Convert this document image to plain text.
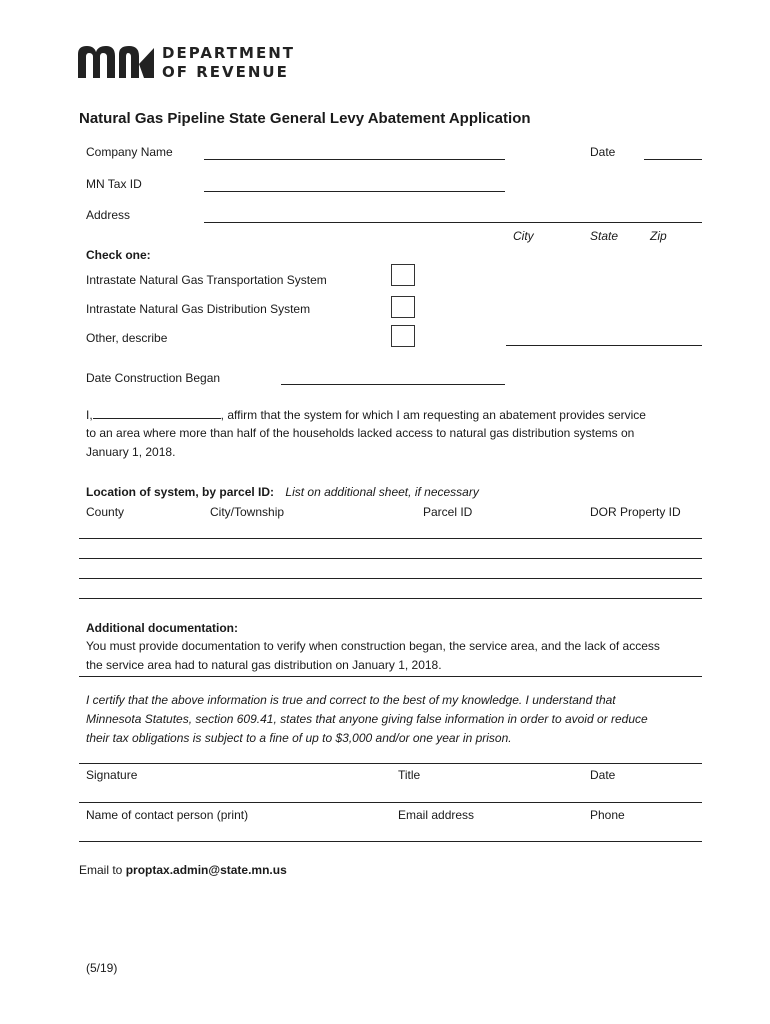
DEPARTMENT
OF REVENUE
Natural Gas Pipeline State General Levy Abatement Application
Company Name	Date
MN Tax ID
Address
City	State	Zip
Check one:
Intrastate Natural Gas Transportation System
Intrastate Natural Gas Distribution System
Other, describe
Date Construction Began
I,	, affirm that the system for which I am requesting an abatement provides service
to an area where more than half of the households lacked access to natural gas distribution systems on
January 1, 2018.
Location of system, by parcel ID: List on additional sheet, if necessary
County	City/Township	Parcel ID	DOR Property ID
Additional documentation:
You must provide documentation to verify when construction began, the service area, and the lack of access
the service area had to natural gas distribution on January 1, 2018.
I certify that the above information is true and correct to the best of my knowledge. I understand that
Minnesota Statutes, section 609.41, states that anyone giving false information in order to avoid or reduce
their tax obligations is subject to a fine of up to $3,000 and/or one year in prison.
Signature	Title	Date
Name of contact person (print)	Email address	Phone
Email to proptax.admin@state.mn.us
(5/19)
